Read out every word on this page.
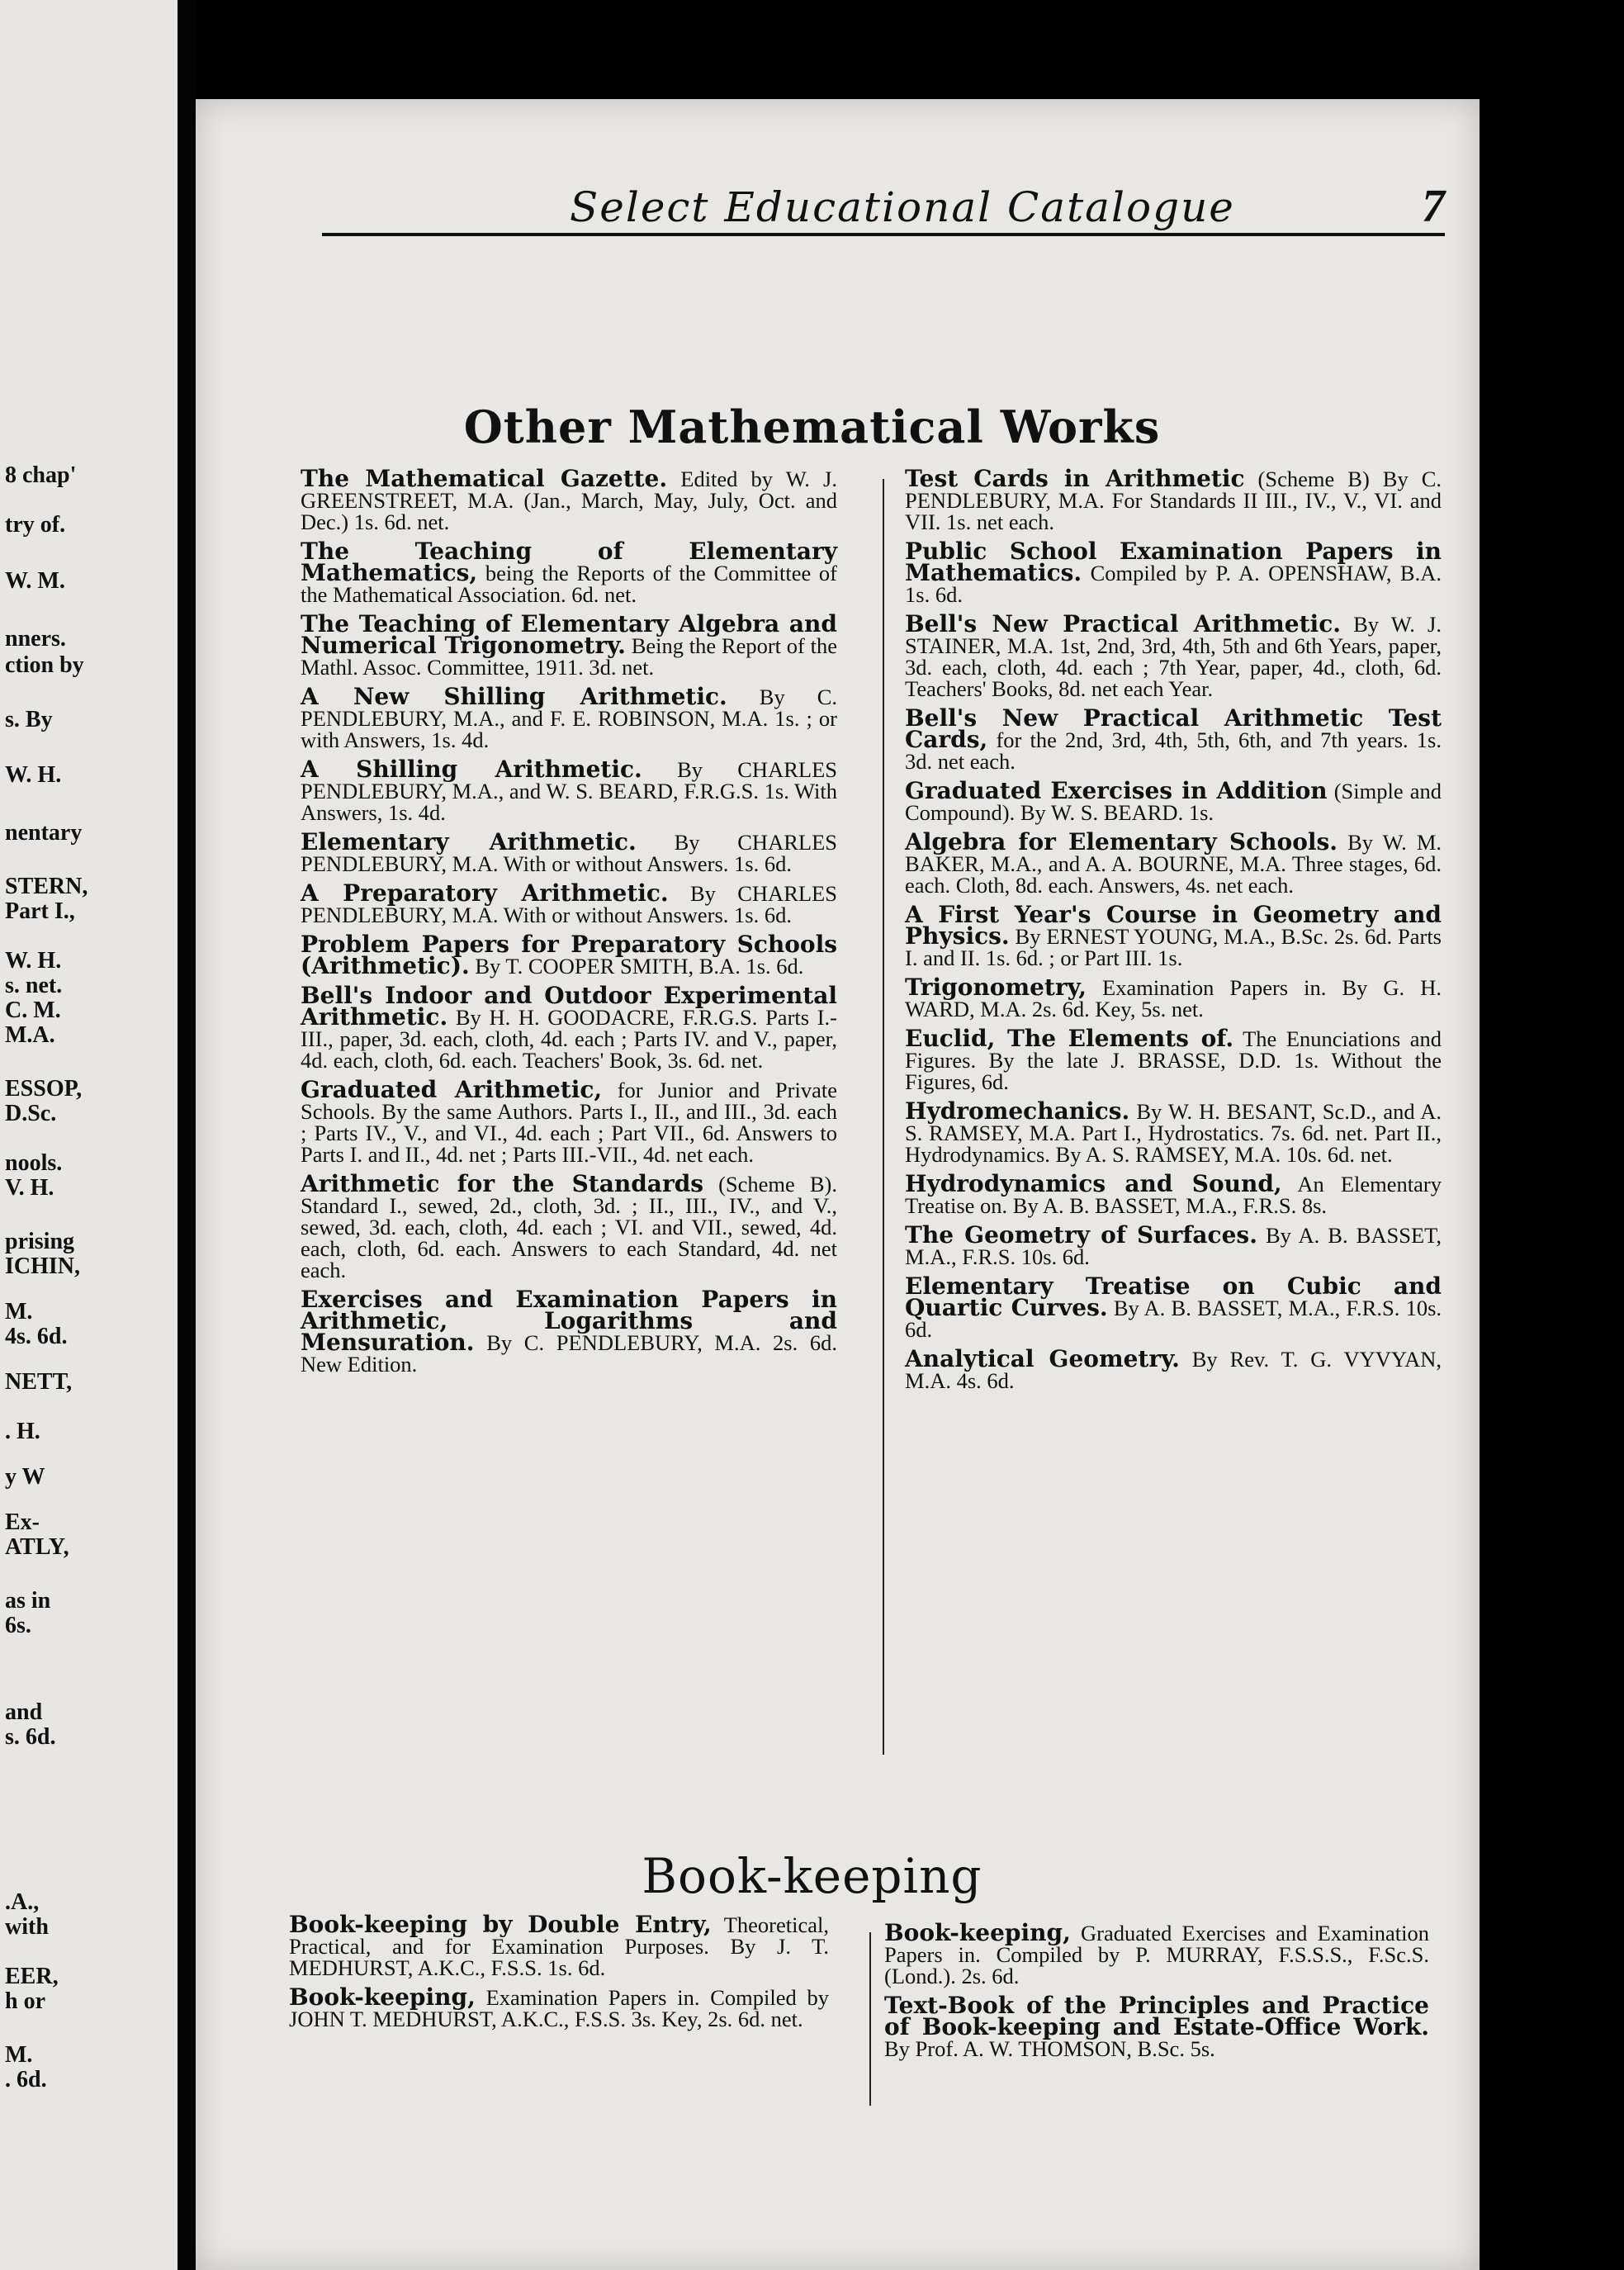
8 chap'
try of.
W. M.
nners.
ction by
s. By
W. H.
nentary
STERN,
Part I.,
W. H.
s. net.
C. M.
M.A.
ESSOP,
D.Sc.
nools.
V. H.
prising
ICHIN,
M.
4s. 6d.
NETT,
. H.
y W
Ex-
ATLY,
as in
6s.
and
s. 6d.
.A.,
with
EER,
h or
M.
. 6d.
Select Educational Catalogue	7
Other Mathematical Works
The Mathematical Gazette. Edited by W. J. GREENSTREET, M.A. (Jan., March, May, July, Oct. and Dec.) 1s. 6d. net.
The Teaching of Elementary Mathematics, being the Reports of the Committee of the Mathematical Association. 6d. net.
The Teaching of Elementary Algebra and Numerical Trigonometry. Being the Report of the Mathl. Assoc. Committee, 1911. 3d. net.
A New Shilling Arithmetic. By C. PENDLEBURY, M.A., and F. E. ROBINSON, M.A. 1s. ; or with Answers, 1s. 4d.
A Shilling Arithmetic. By CHARLES PENDLEBURY, M.A., and W. S. BEARD, F.R.G.S. 1s. With Answers, 1s. 4d.
Elementary Arithmetic. By CHARLES PENDLEBURY, M.A. With or without Answers. 1s. 6d.
A Preparatory Arithmetic. By CHARLES PENDLEBURY, M.A. With or without Answers. 1s. 6d.
Problem Papers for Preparatory Schools (Arithmetic). By T. COOPER SMITH, B.A. 1s. 6d.
Bell's Indoor and Outdoor Experimental Arithmetic. By H. H. GOODACRE, F.R.G.S. Parts I.-III., paper, 3d. each, cloth, 4d. each ; Parts IV. and V., paper, 4d. each, cloth, 6d. each. Teachers' Book, 3s. 6d. net.
Graduated Arithmetic, for Junior and Private Schools. By the same Authors. Parts I., II., and III., 3d. each ; Parts IV., V., and VI., 4d. each ; Part VII., 6d. Answers to Parts I. and II., 4d. net ; Parts III.-VII., 4d. net each.
Arithmetic for the Standards (Scheme B). Standard I., sewed, 2d., cloth, 3d. ; II., III., IV., and V., sewed, 3d. each, cloth, 4d. each ; VI. and VII., sewed, 4d. each, cloth, 6d. each. Answers to each Standard, 4d. net each.
Exercises and Examination Papers in Arithmetic, Logarithms and Mensuration. By C. PENDLEBURY, M.A. 2s. 6d. New Edition.
Test Cards in Arithmetic (Scheme B) By C. PENDLEBURY, M.A. For Standards II III., IV., V., VI. and VII. 1s. net each.
Public School Examination Papers in Mathematics. Compiled by P. A. OPENSHAW, B.A. 1s. 6d.
Bell's New Practical Arithmetic. By W. J. STAINER, M.A. 1st, 2nd, 3rd, 4th, 5th and 6th Years, paper, 3d. each, cloth, 4d. each ; 7th Year, paper, 4d., cloth, 6d. Teachers' Books, 8d. net each Year.
Bell's New Practical Arithmetic Test Cards, for the 2nd, 3rd, 4th, 5th, 6th, and 7th years. 1s. 3d. net each.
Graduated Exercises in Addition (Simple and Compound). By W. S. BEARD. 1s.
Algebra for Elementary Schools. By W. M. BAKER, M.A., and A. A. BOURNE, M.A. Three stages, 6d. each. Cloth, 8d. each. Answers, 4s. net each.
A First Year's Course in Geometry and Physics. By ERNEST YOUNG, M.A., B.Sc. 2s. 6d. Parts I. and II. 1s. 6d. ; or Part III. 1s.
Trigonometry, Examination Papers in. By G. H. WARD, M.A. 2s. 6d. Key, 5s. net.
Euclid, The Elements of. The Enunciations and Figures. By the late J. BRASSE, D.D. 1s. Without the Figures, 6d.
Hydromechanics. By W. H. BESANT, Sc.D., and A. S. RAMSEY, M.A. Part I., Hydrostatics. 7s. 6d. net. Part II., Hydrodynamics. By A. S. RAMSEY, M.A. 10s. 6d. net.
Hydrodynamics and Sound, An Elementary Treatise on. By A. B. BASSET, M.A., F.R.S. 8s.
The Geometry of Surfaces. By A. B. BASSET, M.A., F.R.S. 10s. 6d.
Elementary Treatise on Cubic and Quartic Curves. By A. B. BASSET, M.A., F.R.S. 10s. 6d.
Analytical Geometry. By Rev. T. G. VYVYAN, M.A. 4s. 6d.
Book-keeping
Book-keeping by Double Entry, Theoretical, Practical, and for Examination Purposes. By J. T. MEDHURST, A.K.C., F.S.S. 1s. 6d.
Book-keeping, Examination Papers in. Compiled by JOHN T. MEDHURST, A.K.C., F.S.S. 3s. Key, 2s. 6d. net.
Book-keeping, Graduated Exercises and Examination Papers in. Compiled by P. MURRAY, F.S.S.S., F.Sc.S. (Lond.). 2s. 6d.
Text-Book of the Principles and Practice of Book-keeping and Estate-Office Work. By Prof. A. W. THOMSON, B.Sc. 5s.
